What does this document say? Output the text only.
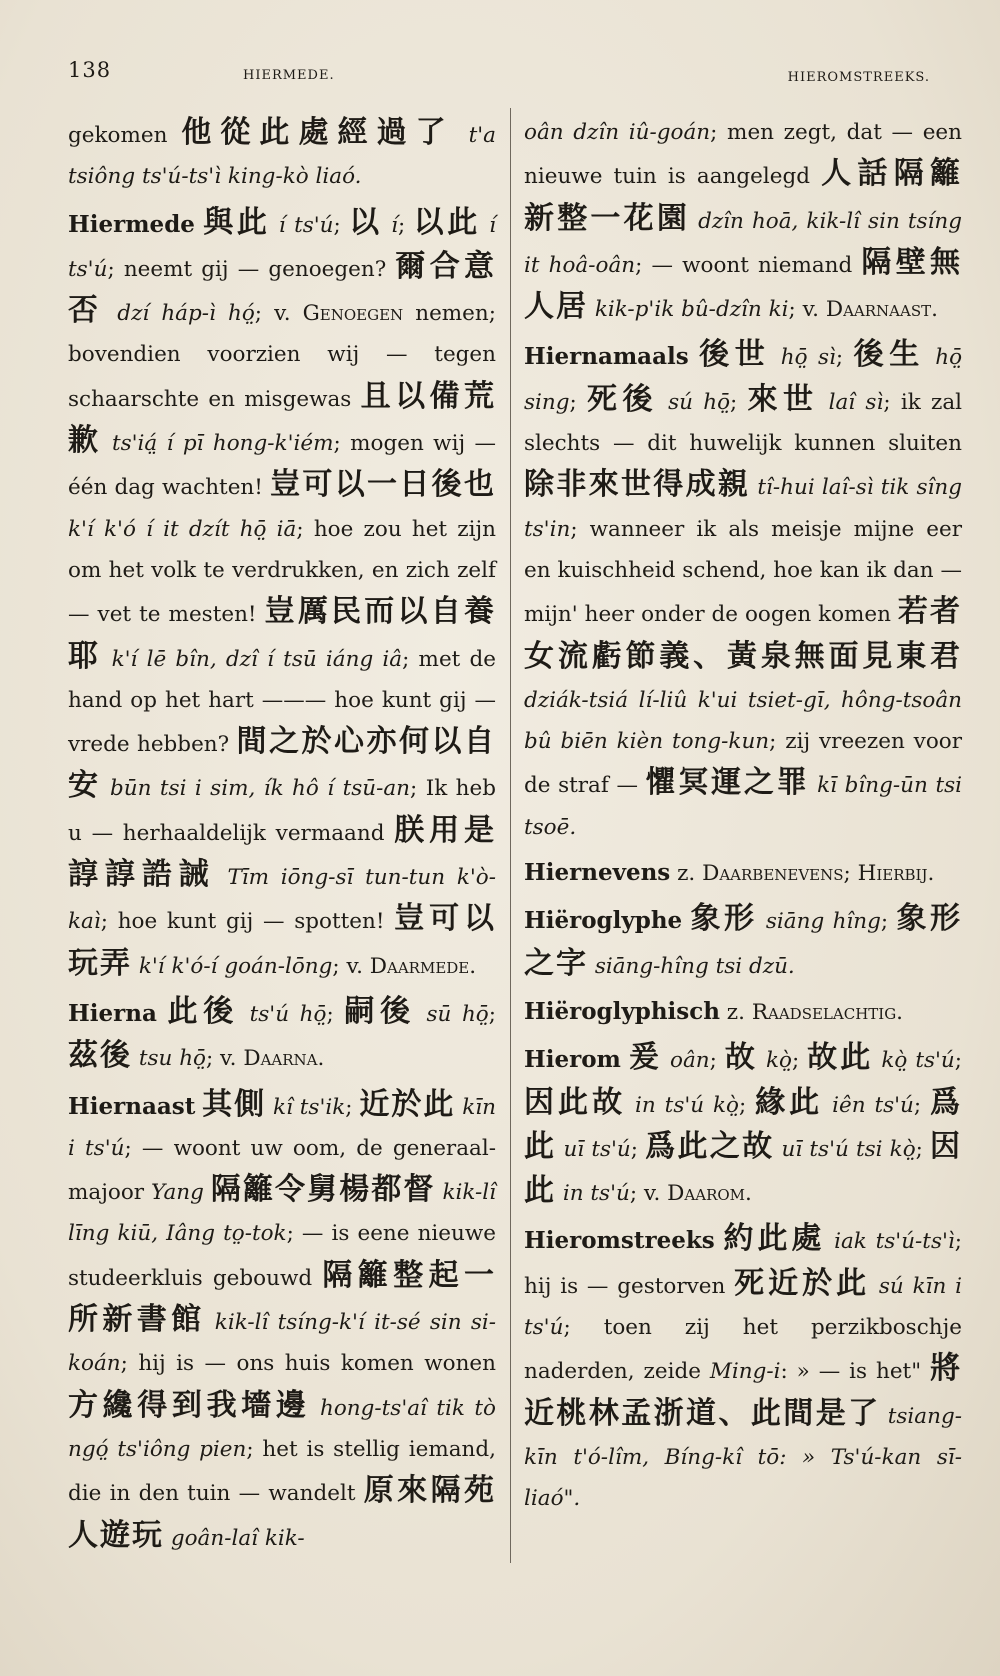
138	HIERMEDE.	HIEROMSTREEKS.

gekomen 他從此處經過了 t'a tsiông ts'ú-ts'ì king-kò liaó.

Hiermede 與此 í ts'ú; 以 í; 以此 í ts'ú; neemt gij — genoegen? 爾合意否 dzí háp-ì hó̤; v. Genoegen nemen; bovendien voorzien wij — tegen schaarschte en misgewas 且以備荒歉 ts'iá̤ í pī hong-k'iém; mogen wij — één dag wachten! 豈可以一日後也 k'í k'ó í it dzít hō̤ iā; hoe zou het zijn om het volk te verdrukken, en zich zelf — vet te mesten! 豈厲民而以自養耶 k'í lē bîn, dzî í tsū iáng iâ; met de hand op het hart ——— hoe kunt gij — vrede hebben? 間之於心亦何以自安 būn tsi i sim, ík hô í tsū-an; Ik heb u — herhaaldelijk vermaand 朕用是諄諄誥誡 Tīm iōng-sī tun-tun k'ò-kaì; hoe kunt gij — spotten! 豈可以玩弄 k'í k'ó-í goán-lōng; v. Daarmede.

Hierna 此後 ts'ú hō̤; 嗣後 sū hō̤; 茲後 tsu hō̤; v. Daarna.

Hiernaast 其側 kî ts'ik; 近於此 kīn i ts'ú; — woont uw oom, de generaal-majoor Yang 隔籬令舅楊都督 kik-lî līng kiū, Iâng to̤-tok; — is eene nieuwe studeerkluis gebouwd 隔籬整起一所新書館 kik-lî tsíng-k'í it-sé sin si-koán; hij is — ons huis komen wonen 方纔得到我墻邊 hong-ts'aî tik tò ngó̤ ts'iông pien; het is stellig iemand, die in den tuin — wandelt 原來隔苑人遊玩 goân-laî kik-

oân dzîn iû-goán; men zegt, dat — een nieuwe tuin is aangelegd 人話隔籬新整一花園 dzîn hoā, kik-lî sin tsíng it hoâ-oân; — woont niemand 隔壁無人居 kik-p'ik bû-dzîn ki; v. Daarnaast.

Hiernamaals 後世 hō̤ sì; 後生 hō̤ sing; 死後 sú hō̤; 來世 laî sì; ik zal slechts — dit huwelijk kunnen sluiten 除非來世得成親 tî-hui laî-sì tik sîng ts'in; wanneer ik als meisje mijne eer en kuischheid schend, hoe kan ik dan — mijn' heer onder de oogen komen 若者女流虧節義、黃泉無面見東君 dziák-tsiá lí-liû k'ui tsiet-gī, hông-tsoân bû biēn kièn tong-kun; zij vreezen voor de straf — 懼冥運之罪 kī bîng-ūn tsi tsoē.

Hiernevens z. Daarbenevens; Hierbij.

Hiëroglyphe 象形 siāng hîng; 象形之字 siāng-hîng tsi dzū.

Hiëroglyphisch z. Raadselachtig.

Hierom 爰 oân; 故 kò̤; 故此 kò̤ ts'ú; 因此故 in ts'ú kò̤; 緣此 iên ts'ú; 爲此 uī ts'ú; 爲此之故 uī ts'ú tsi kò̤; 因此 in ts'ú; v. Daarom.

Hieromstreeks 約此處 iak ts'ú-ts'ì; hij is — gestorven 死近於此 sú kīn i ts'ú; toen zij het perzikboschje naderden, zeide Ming-i: » — is het" 將近桃林孟浙道、此間是了 tsiang-kīn t'ó-lîm, Bíng-kî tō: » Ts'ú-kan sī-liaó".
